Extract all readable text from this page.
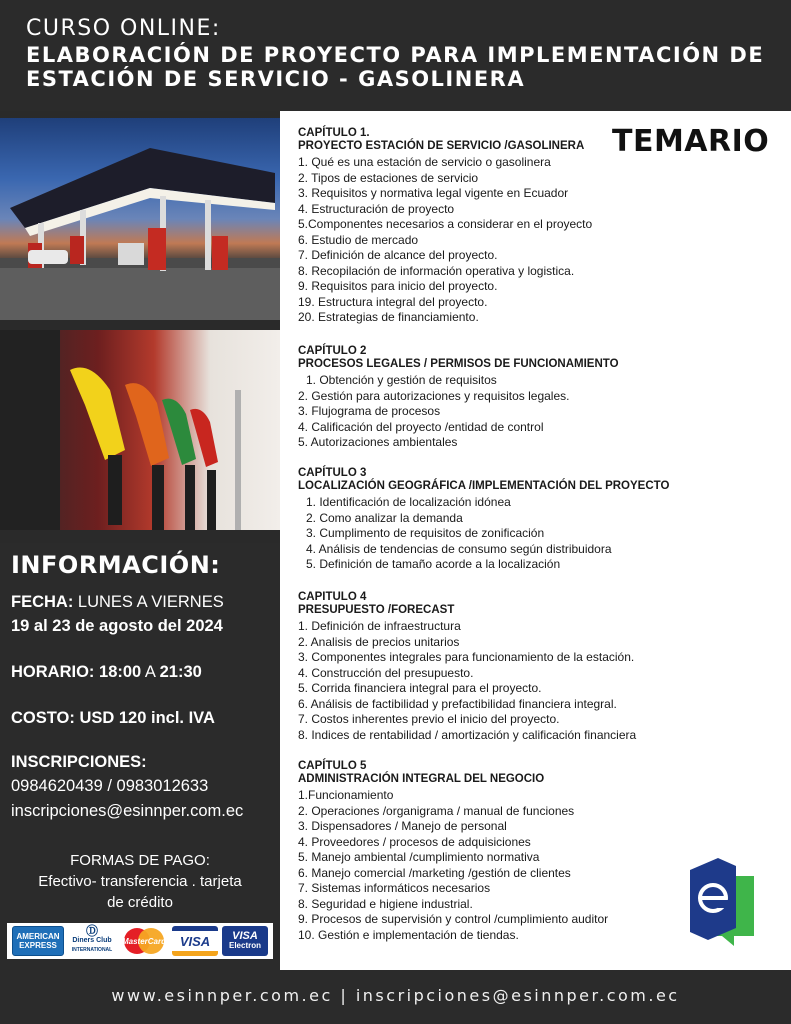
CURSO ONLINE:
ELABORACIÓN DE PROYECTO PARA IMPLEMENTACIÓN DE
ESTACIÓN DE SERVICIO - GASOLINERA
INFORMACIÓN:
FECHA: LUNES A VIERNES
19 al 23 de agosto del 2024
HORARIO: 18:00 A 21:30
COSTO: USD 120 incl. IVA
INSCRIPCIONES:
0984620439 / 0983012633
inscripciones@esinnper.com.ec
FORMAS DE PAGO:
Efectivo- transferencia . tarjeta
de crédito
AMERICAN
EXPRESS
Ⓓ
Diners Club
INTERNATIONAL
MasterCard VISA VISA
Electron
TEMARIO
CAPÍTULO 1.
PROYECTO ESTACIÓN DE SERVICIO /GASOLINERA
1. Qué es una estación de servicio o gasolinera
2. Tipos de estaciones de servicio
3. Requisitos y normativa legal vigente en Ecuador
4. Estructuración de proyecto
5.Componentes necesarios a considerar en el proyecto
6. Estudio de mercado
7. Definición de alcance del proyecto.
8. Recopilación de información operativa y logistica.
9. Requisitos para inicio del proyecto.
19. Estructura integral del proyecto.
20. Estrategias de financiamiento.
CAPÍTULO 2
PROCESOS LEGALES / PERMISOS DE FUNCIONAMIENTO
1. Obtención y gestión de requisitos
2. Gestión para autorizaciones y requisitos legales.
3. Flujograma de procesos
4. Calificación del proyecto /entidad de control
5. Autorizaciones ambientales
CAPÍTULO 3
LOCALIZACIÓN GEOGRÁFICA /IMPLEMENTACIÓN DEL PROYECTO
1. Identificación de localización idónea
2. Como analizar la demanda
3. Cumplimento de requisitos de zonificación
4. Análisis de tendencias de consumo según distribuidora
5. Definición de tamaño acorde a la localización
CAPITULO 4
PRESUPUESTO /FORECAST
1. Definición de infraestructura
2. Analisis de precios unitarios
3. Componentes integrales para funcionamiento de la estación.
4. Construcción del presupuesto.
5. Corrida financiera integral para el proyecto.
6. Análisis de factibilidad y prefactibilidad financiera integral.
7. Costos inherentes previo el inicio del proyecto.
8. Indices de rentabilidad / amortización y calificación financiera
CAPÍTULO 5
ADMINISTRACIÓN INTEGRAL DEL NEGOCIO
1.Funcionamiento
2. Operaciones /organigrama / manual de funciones
3. Dispensadores / Manejo de personal
4. Proveedores / procesos de adquisiciones
5. Manejo ambiental /cumplimiento normativa
6. Manejo comercial /marketing /gestión de clientes
7. Sistemas informáticos necesarios
8. Seguridad e higiene industrial.
9. Procesos de supervisión y control /cumplimiento auditor
10. Gestión e implementación de tiendas.
www.esinnper.com.ec | inscripciones@esinnper.com.ec
